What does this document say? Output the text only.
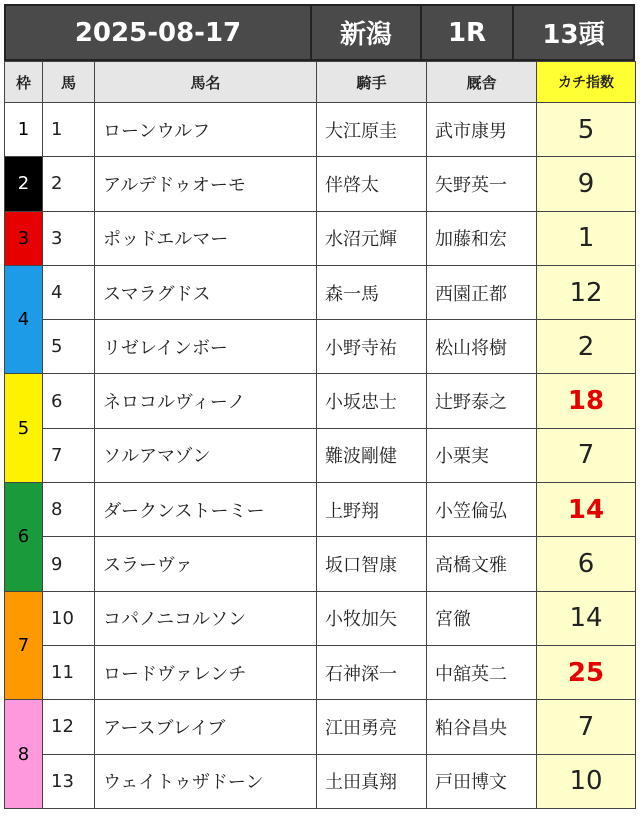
2025-08-17	新潟	1R	13頭
枠	馬	馬名	騎手	厩舎	カチ指数
1	1	ローンウルフ	大江原圭	武市康男	5
2	2	アルデドゥオーモ	伴啓太	矢野英一	9
3	3	ポッドエルマー	水沼元輝	加藤和宏	1
4	4	スマラグドス	森一馬	西園正都	12
	5	リゼレインボー	小野寺祐	松山将樹	2
5	6	ネロコルヴィーノ	小坂忠士	辻野泰之	18
	7	ソルアマゾン	難波剛健	小栗実	7
6	8	ダークンストーミー	上野翔	小笠倫弘	14
	9	スラーヴァ	坂口智康	高橋文雅	6
7	10	コパノニコルソン	小牧加矢	宮徹	14
	11	ロードヴァレンチ	石神深一	中舘英二	25
8	12	アースブレイブ	江田勇亮	粕谷昌央	7
	13	ウェイトゥザドーン	土田真翔	戸田博文	10
